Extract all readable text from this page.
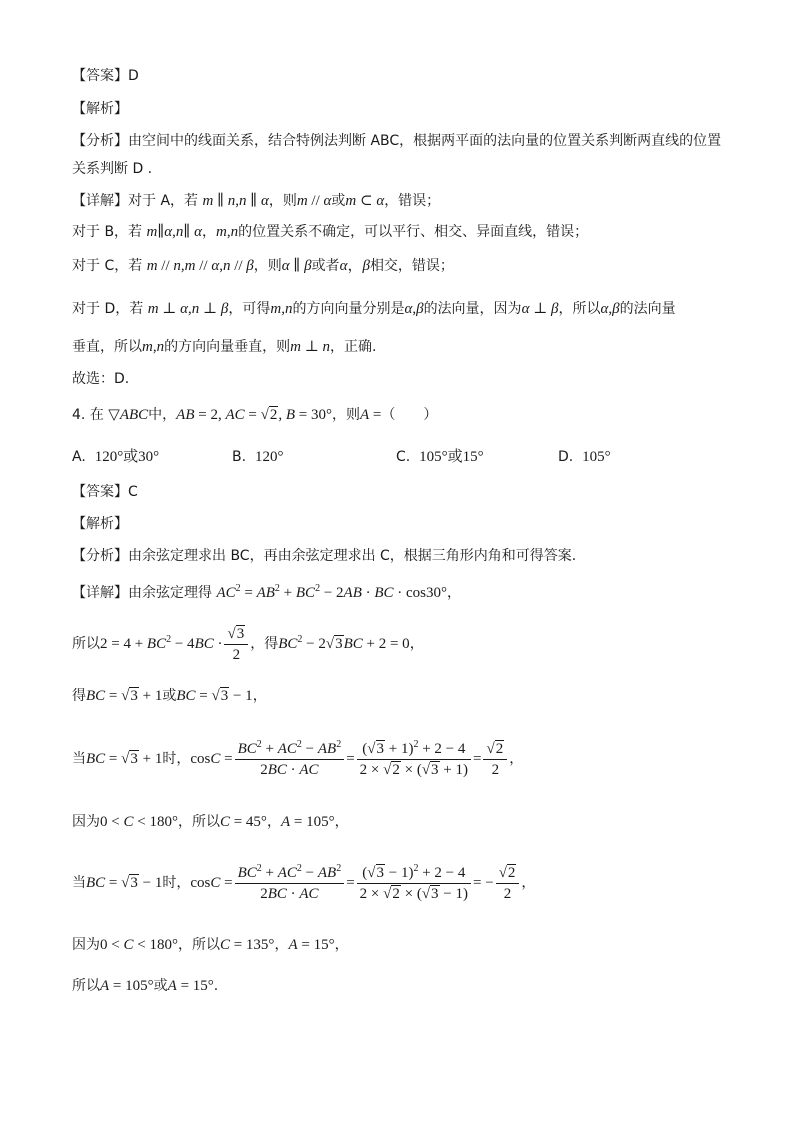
【答案】D
【解析】
【分析】由空间中的线面关系，结合特例法判断 ABC，根据两平面的法向量的位置关系判断两直线的位置
关系判断 D .
【详解】对于 A，若 m ∥ n,n ∥ α，则m // α或m ⊂ α，错误；
对于 B，若 m∥α,n∥ α，m,n的位置关系不确定，可以平行、相交、异面直线，错误；
对于 C，若 m // n,m // α,n // β，则α ∥ β或者α，β相交，错误；
对于 D，若 m ⊥ α,n ⊥ β，可得m,n的方向向量分别是α,β的法向量，因为α ⊥ β，所以α,β的法向量
垂直，所以m,n的方向向量垂直，则m ⊥ n，正确.
故选：D.
4. 在 ▽ABC中，AB = 2, AC = √2, B = 30°，则A =（　　）
A. 120°或30°	B. 120°	C. 105°或15°	D. 105°
【答案】C
【解析】
【分析】由余弦定理求出 BC，再由余弦定理求出 C，根据三角形内角和可得答案.
【详解】由余弦定理得 $AC^2 = AB^2 + BC^2 - 2AB$ · BC · cos30°，
所以$2 = 4 + BC^2 - 4BC \cdot \frac{√3}{2}$ ，得$BC^2 - 2√3BC + 2 = 0$，
得BC = √3 + 1或BC = √3 − 1，
当BC = √3 + 1时，$\cos C = \frac{BC^2 + AC^2 - AB^2}{2BC \cdot AC} = \frac{(√3 + 1)^2 + 2 - 4}{2 \times √2 \times (√3 + 1)} = \frac{√2}{2}$ ，
因为0 < C < 180°，所以C = 45°，A = 105°，
当BC = √3 − 1时，$\cos C = \frac{BC^2 + AC^2 - AB^2}{2BC \cdot AC} = \frac{(√3 - 1)^2 + 2 - 4}{2 \times √2 \times (√3 - 1)}$ = − $\frac{√2}{2}$ ，
因为0 < C < 180°，所以C = 135°，A = 15°，
所以A = 105°或A = 15°.
